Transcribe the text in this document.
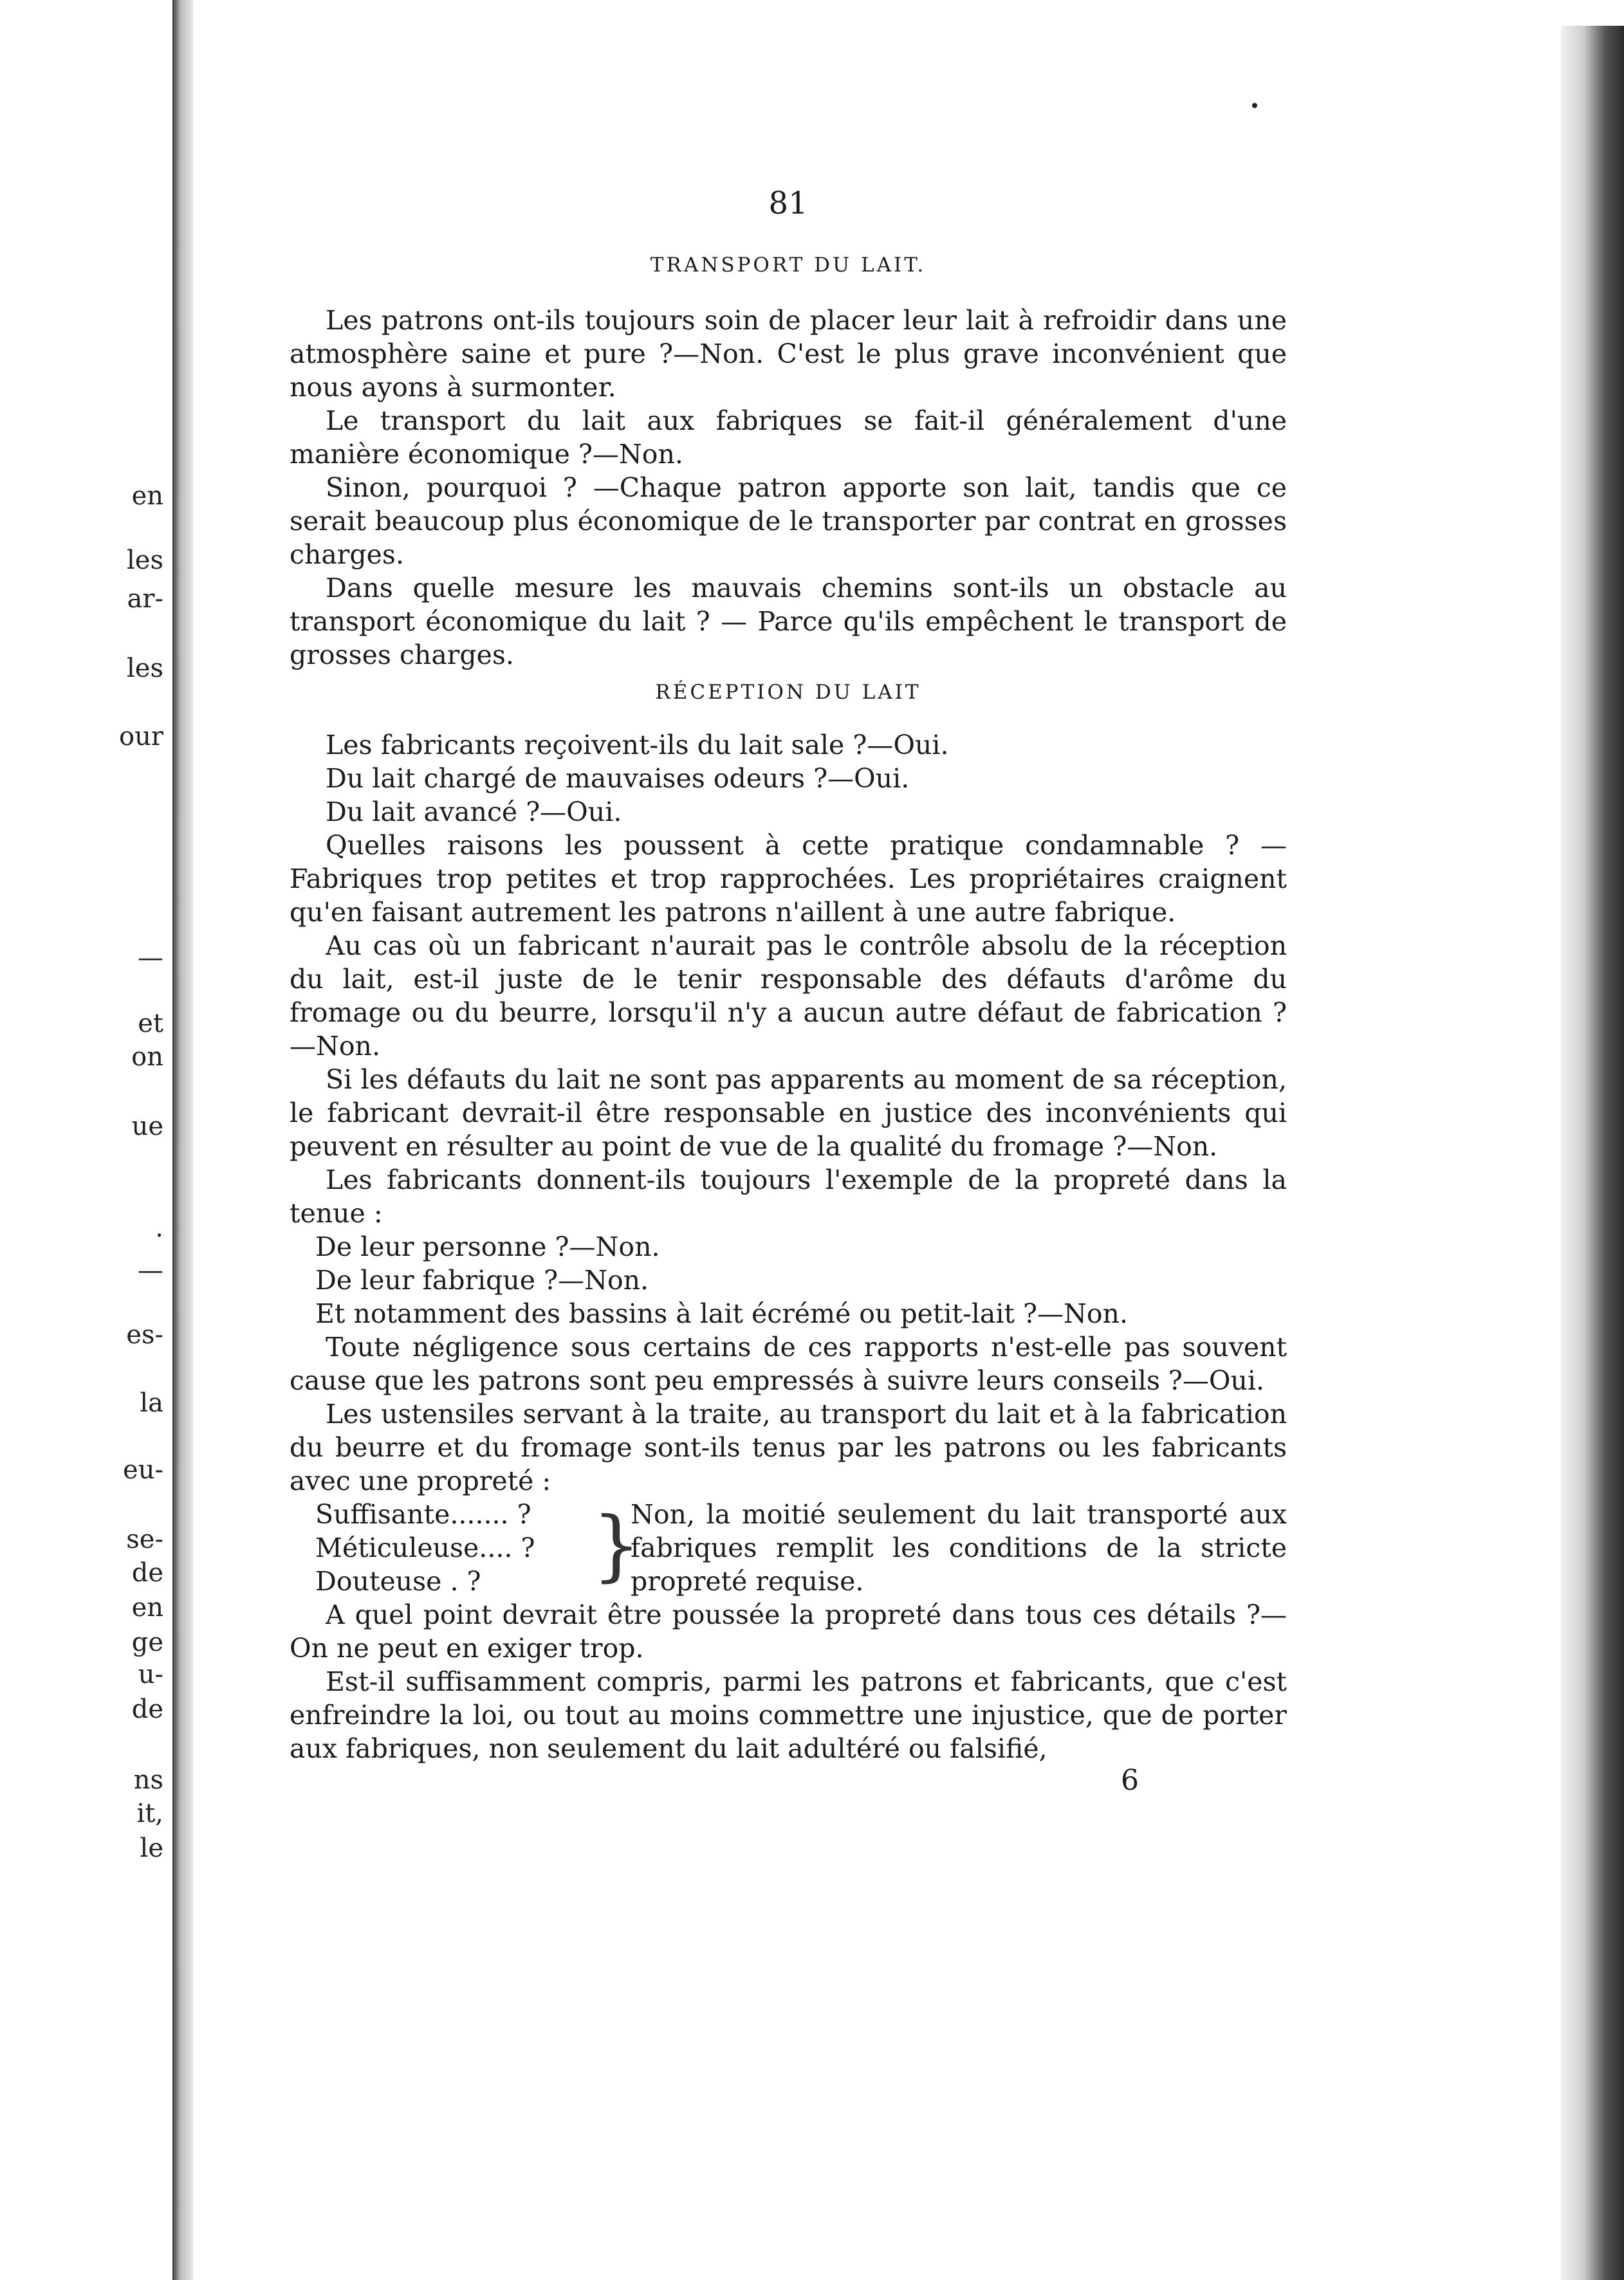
en
les
ar-
les
our
—
et
on
ue
.
—
es-
la
eu-
se-
de
en
ge
u-
de
ns
it,
le
81
TRANSPORT DU LAIT.

Les patrons ont-ils toujours soin de placer leur lait à refroidir dans une atmosphère saine et pure ?—Non. C'est le plus grave inconvénient que nous ayons à surmonter.

Le transport du lait aux fabriques se fait-il généralement d'une manière économique ?—Non.

Sinon, pourquoi ? —Chaque patron apporte son lait, tandis que ce serait beaucoup plus économique de le transporter par contrat en grosses charges.

Dans quelle mesure les mauvais chemins sont-ils un obstacle au transport économique du lait ? — Parce qu'ils empêchent le transport de grosses charges.

RÉCEPTION DU LAIT

Les fabricants reçoivent-ils du lait sale ?—Oui.

Du lait chargé de mauvaises odeurs ?—Oui.

Du lait avancé ?—Oui.

Quelles raisons les poussent à cette pratique condamnable ? —Fabriques trop petites et trop rapprochées. Les propriétaires craignent qu'en faisant autrement les patrons n'aillent à une autre fabrique.

Au cas où un fabricant n'aurait pas le contrôle absolu de la réception du lait, est-il juste de le tenir responsable des défauts d'arôme du fromage ou du beurre, lorsqu'il n'y a aucun autre défaut de fabrication ?—Non.

Si les défauts du lait ne sont pas apparents au moment de sa réception, le fabricant devrait-il être responsable en justice des inconvénients qui peuvent en résulter au point de vue de la qualité du fromage ?—Non.

Les fabricants donnent-ils toujours l'exemple de la propreté dans la tenue :

De leur personne ?—Non.

De leur fabrique ?—Non.

Et notamment des bassins à lait écrémé ou petit-lait ?—Non.

Toute négligence sous certains de ces rapports n'est-elle pas souvent cause que les patrons sont peu empressés à suivre leurs conseils ?—Oui.

Les ustensiles servant à la traite, au transport du lait et à la fabrication du beurre et du fromage sont-ils tenus par les patrons ou les fabricants avec une propreté :

Suffisante....... ?
Méticuleuse.... ?
Douteuse . ?	}
Non, la moitié seulement du lait transporté aux fabriques remplit les conditions de la stricte propreté requise.

A quel point devrait être poussée la propreté dans tous ces détails ?—On ne peut en exiger trop.

Est-il suffisamment compris, parmi les patrons et fabricants, que c'est enfreindre la loi, ou tout au moins commettre une injustice, que de porter aux fabriques, non seulement du lait adultéré ou falsifié,

6
